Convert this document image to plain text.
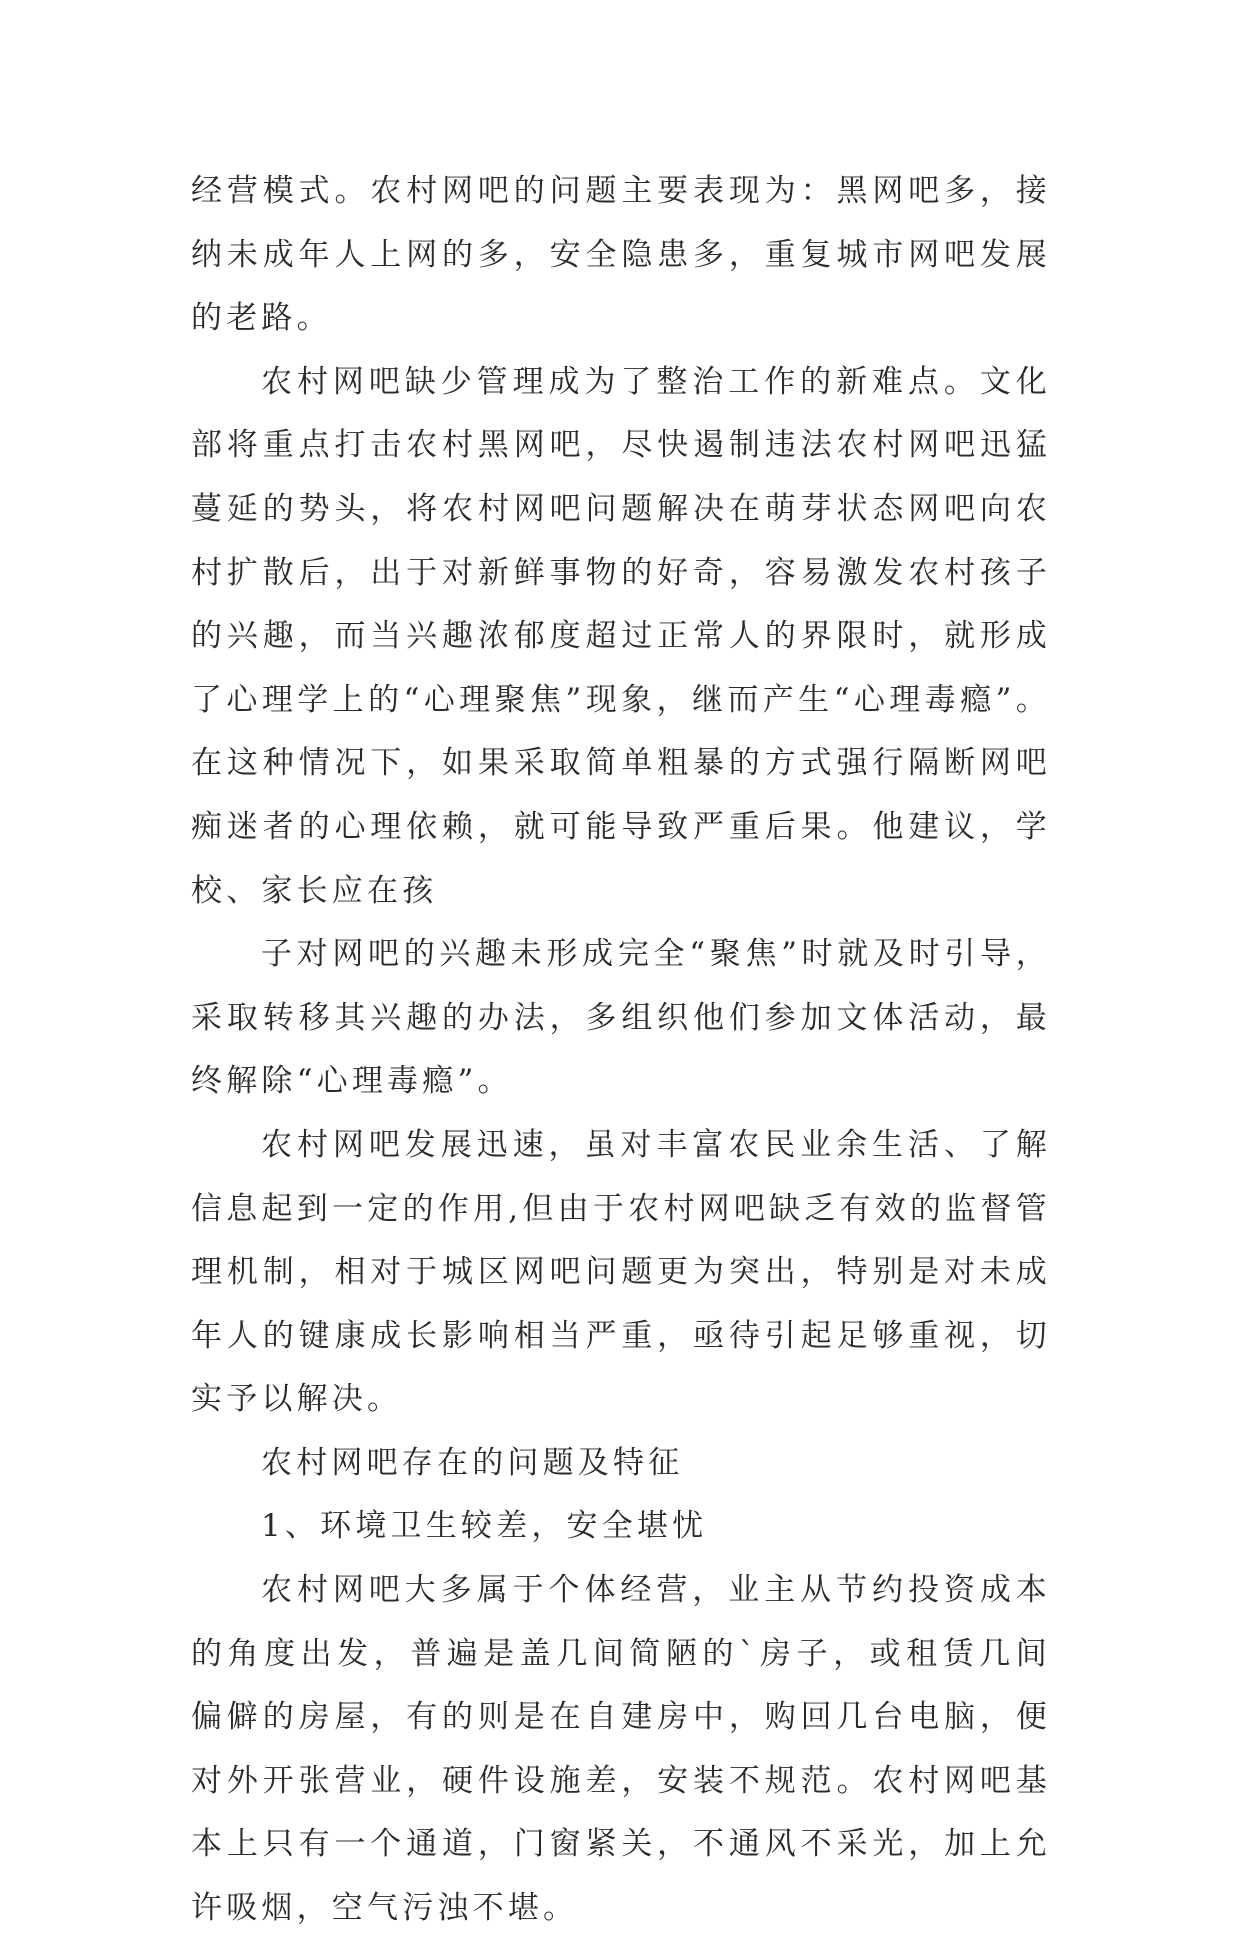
经营模式。农村网吧的问题主要表现为：黑网吧多，接纳未成年人上网的多，安全隐患多，重复城市网吧发展的老路。

农村网吧缺少管理成为了整治工作的新难点。文化部将重点打击农村黑网吧，尽快遏制违法农村网吧迅猛蔓延的势头，将农村网吧问题解决在萌芽状态网吧向农村扩散后，出于对新鲜事物的好奇，容易激发农村孩子的兴趣，而当兴趣浓郁度超过正常人的界限时，就形成了心理学上的“心理聚焦”现象，继而产生“心理毒瘾”。在这种情况下，如果采取简单粗暴的方式强行隔断网吧痴迷者的心理依赖，就可能导致严重后果。他建议，学校、家长应在孩

子对网吧的兴趣未形成完全“聚焦”时就及时引导，采取转移其兴趣的办法，多组织他们参加文体活动，最终解除“心理毒瘾”。

农村网吧发展迅速，虽对丰富农民业余生活、了解信息起到一定的作用,但由于农村网吧缺乏有效的监督管理机制，相对于城区网吧问题更为突出，特别是对未成年人的键康成长影响相当严重，亟待引起足够重视，切实予以解决。

农村网吧存在的问题及特征

1、环境卫生较差，安全堪忧

农村网吧大多属于个体经营，业主从节约投资成本的角度出发，普遍是盖几间简陋的`房子，或租赁几间偏僻的房屋，有的则是在自建房中，购回几台电脑，便对外开张营业，硬件设施差，安装不规范。农村网吧基本上只有一个通道，门窗紧关，不通风不采光，加上允许吸烟，空气污浊不堪。
